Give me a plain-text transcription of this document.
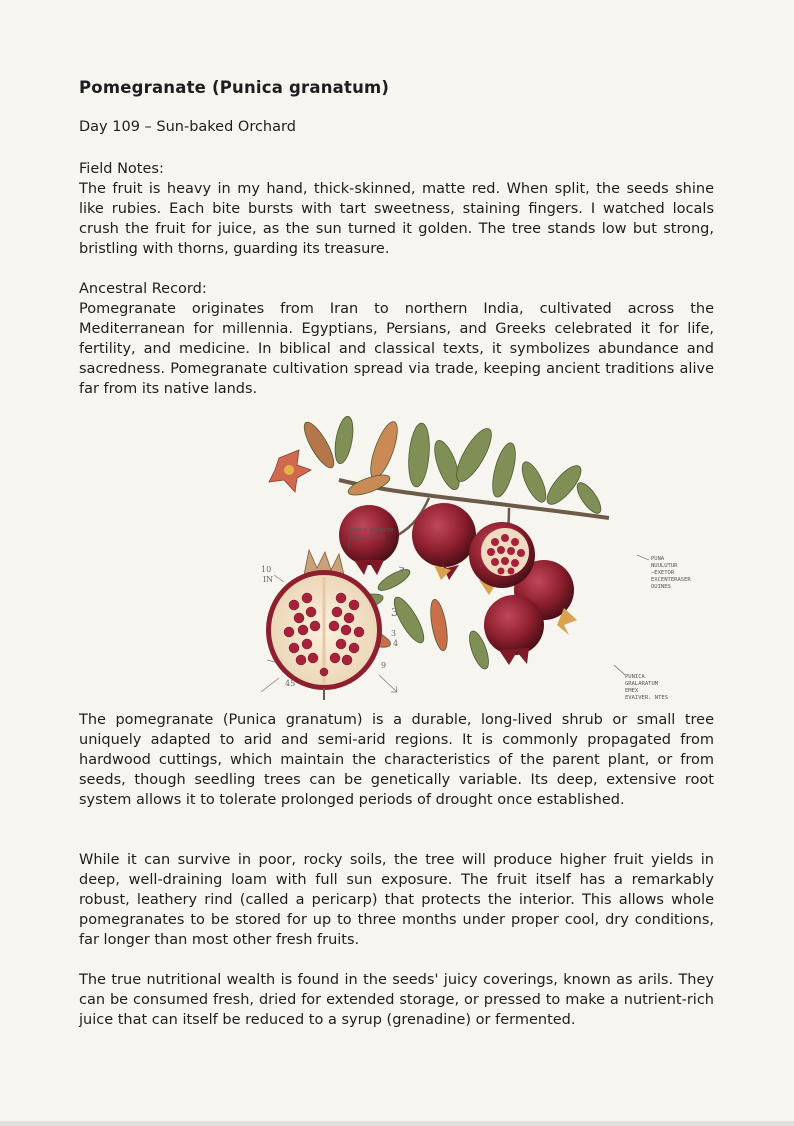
Pomegranate (Punica granatum)
Day 109 – Sun-baked Orchard
Field Notes:
The fruit is heavy in my hand, thick-skinned, matte red. When split, the seeds shine like rubies. Each bite bursts with tart sweetness, staining fingers. I watched locals crush the fruit for juice, as the sun turned it golden. The tree stands low but strong, bristling with thorns, guarding its treasure.
Ancestral Record:
Pomegranate originates from Iran to northern India, cultivated across the Mediterranean for millennia. Egyptians, Persians, and Greeks celebrated it for life, fertility, and medicine. In biblical and classical texts, it symbolizes abundance and sacredness. Pomegranate cultivation spread via trade, keeping ancient traditions alive far from its native lands.
PUNICA GRANATE
EROCK NTIUS
PUNA
NUULUTUR
—EXETOR
EXCENTERASER
OUINES
PUNICA
GRALARATUM
EMEX
EVAIVER. NTES
10
IN
3
3
4
9
45
The pomegranate (Punica granatum) is a durable, long-lived shrub or small tree uniquely adapted to arid and semi-arid regions. It is commonly propagated from hardwood cuttings, which maintain the characteristics of the parent plant, or from seeds, though seedling trees can be genetically variable. Its deep, extensive root system allows it to tolerate prolonged periods of drought once established.
While it can survive in poor, rocky soils, the tree will produce higher fruit yields in deep, well-draining loam with full sun exposure. The fruit itself has a remarkably robust, leathery rind (called a pericarp) that protects the interior. This allows whole pomegranates to be stored for up to three months under proper cool, dry conditions, far longer than most other fresh fruits.
The true nutritional wealth is found in the seeds' juicy coverings, known as arils. They can be consumed fresh, dried for extended storage, or pressed to make a nutrient-rich juice that can itself be reduced to a syrup (grenadine) or fermented.
